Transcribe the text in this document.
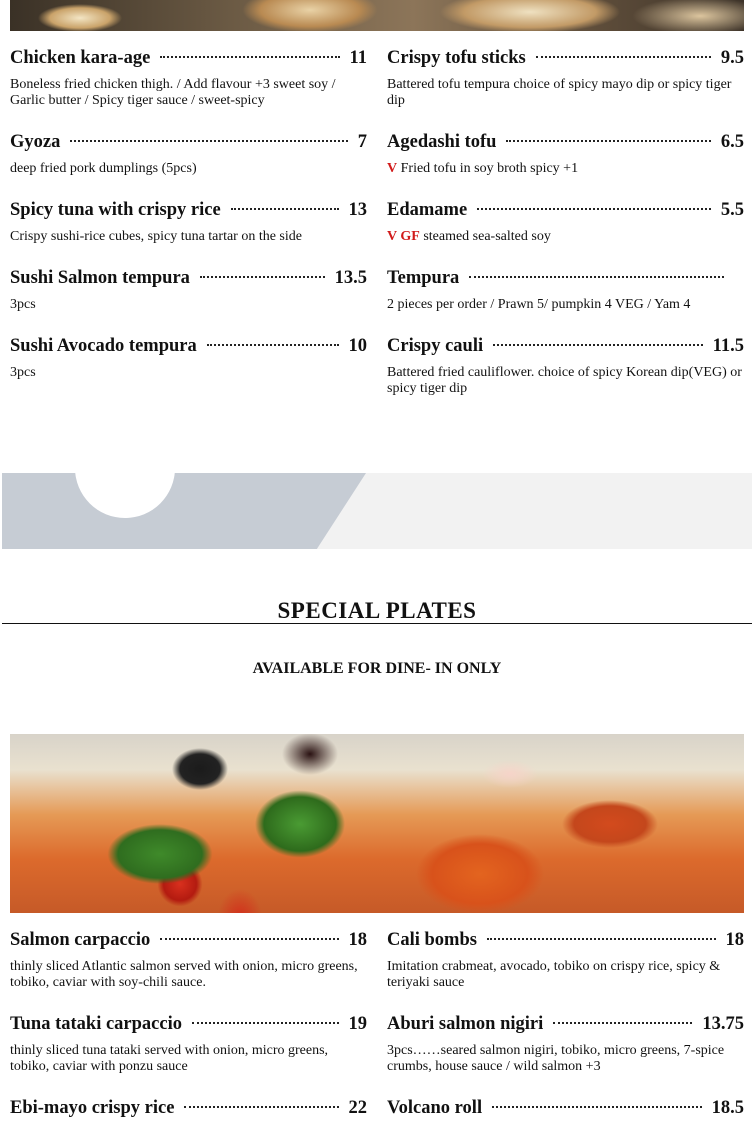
Chicken kara-age	11
Boneless fried chicken thigh. / Add flavour +3 sweet soy / Garlic butter / Spicy tiger sauce / sweet-spicy
Crispy tofu sticks	9.5
Battered tofu tempura choice of spicy mayo dip or spicy tiger dip
Gyoza	7
deep fried pork dumplings (5pcs)
Agedashi tofu	6.5
V Fried tofu in soy broth spicy +1
Spicy tuna with crispy rice	13
Crispy sushi-rice cubes, spicy tuna tartar on the side
Edamame	5.5
V GF steamed sea-salted soy
Sushi Salmon tempura	13.5
3pcs
Tempura
2 pieces per order / Prawn 5/ pumpkin 4 VEG / Yam 4
Sushi Avocado tempura	10
3pcs
Crispy cauli	11.5
Battered fried cauliflower. choice of spicy Korean dip(VEG) or spicy tiger dip
SPECIAL PLATES
AVAILABLE FOR DINE- IN ONLY
Salmon carpaccio	18
thinly sliced Atlantic salmon served with onion, micro greens, tobiko, caviar with soy-chili sauce.
Cali bombs	18
Imitation crabmeat, avocado, tobiko on crispy rice, spicy & teriyaki sauce
Tuna tataki carpaccio	19
thinly sliced tuna tataki served with onion, micro greens, tobiko, caviar with ponzu sauce
Aburi salmon nigiri	13.75
3pcs……seared salmon nigiri, tobiko, micro greens, 7-spice crumbs, house sauce / wild salmon +3
Ebi-mayo crispy rice	22 Volcano roll	18.5
